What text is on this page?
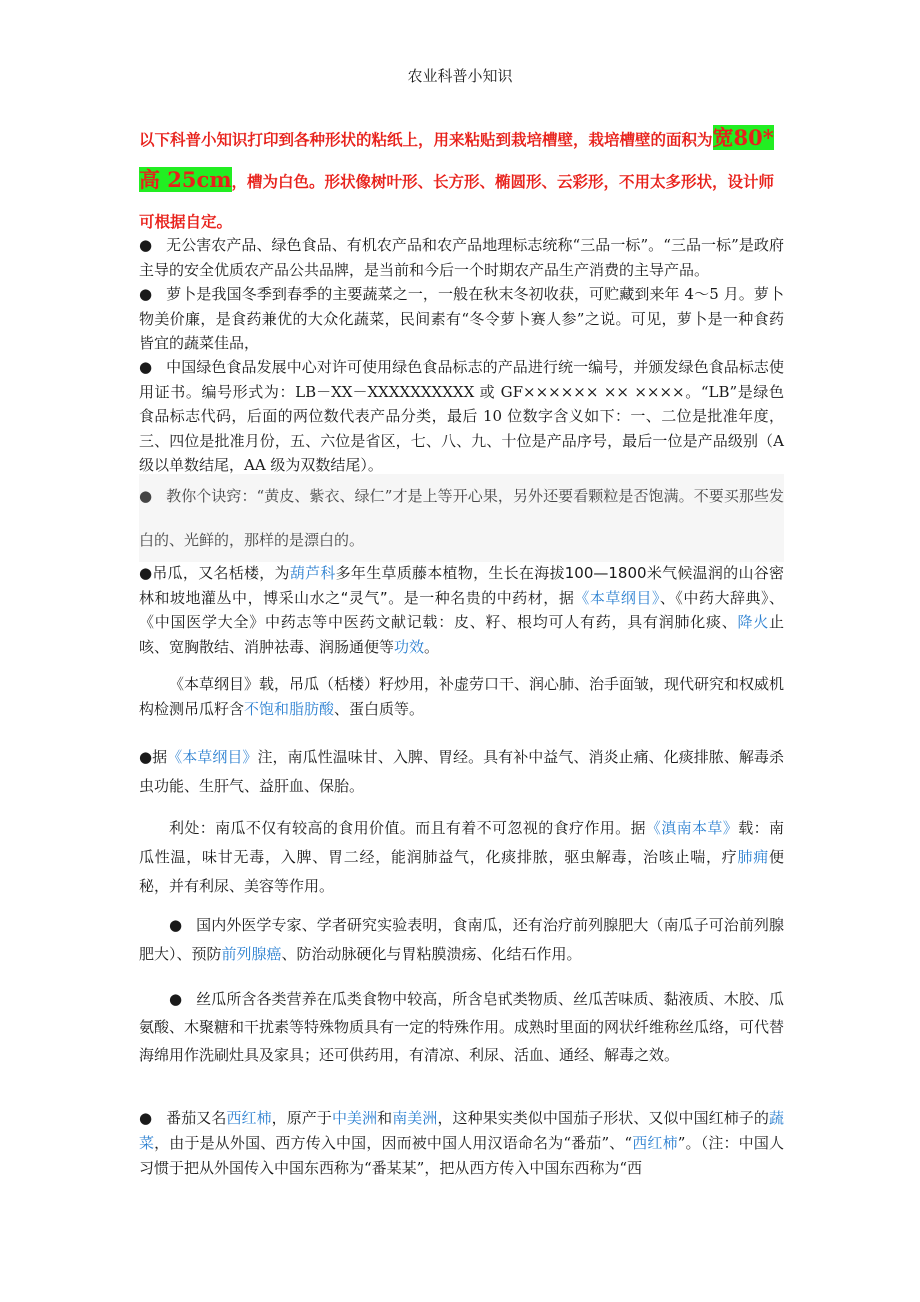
农业科普小知识
以下科普小知识打印到各种形状的粘纸上，用来粘贴到栽培槽壁，栽培槽壁的面积为宽80*高 25cm，槽为白色。形状像树叶形、长方形、椭圆形、云彩形，不用太多形状，设计师可根据自定。
● 无公害农产品、绿色食品、有机农产品和农产品地理标志统称“三品一标”。“三品一标”是政府主导的安全优质农产品公共品牌，是当前和今后一个时期农产品生产消费的主导产品。
● 萝卜是我国冬季到春季的主要蔬菜之一，一般在秋末冬初收获，可贮藏到来年 4～5 月。萝卜物美价廉，是食药兼优的大众化蔬菜，民间素有“冬令萝卜赛人参”之说。可见，萝卜是一种食药皆宜的蔬菜佳品，
● 中国绿色食品发展中心对许可使用绿色食品标志的产品进行统一编号，并颁发绿色食品标志使用证书。编号形式为：LB－XX－XXXXXXXXXX 或 GF×××××× ×× ××××。“LB”是绿色食品标志代码，后面的两位数代表产品分类，最后 10 位数字含义如下：一、二位是批准年度，三、四位是批准月份，五、六位是省区，七、八、九、十位是产品序号，最后一位是产品级别（A 级以单数结尾，AA 级为双数结尾）。
● 教你个诀窍：“黄皮、紫衣、绿仁”才是上等开心果，另外还要看颗粒是否饱满。不要买那些发白的、光鲜的，那样的是漂白的。
●吊瓜，又名栝楼，为葫芦科多年生草质藤本植物，生长在海拔100—1800米气候温润的山谷密林和坡地灌丛中，博采山水之“灵气”。是一种名贵的中药材，据《本草纲目》、《中药大辞典》、《中国医学大全》中药志等中医药文献记载：皮、籽、根均可人有药，具有润肺化痰、降火止咳、宽胸散结、消肿祛毒、润肠通便等功效。
《本草纲目》载，吊瓜（栝楼）籽炒用，补虚劳口干、润心肺、治手面皱，现代研究和权威机构检测吊瓜籽含不饱和脂肪酸、蛋白质等。
●据《本草纲目》注，南瓜性温味甘、入脾、胃经。具有补中益气、消炎止痛、化痰排脓、解毒杀虫功能、生肝气、益肝血、保胎。
利处：南瓜不仅有较高的食用价值。而且有着不可忽视的食疗作用。据《滇南本草》载：南瓜性温，味甘无毒，入脾、胃二经，能润肺益气，化痰排脓，驱虫解毒，治咳止喘，疗肺痈便秘，并有利尿、美容等作用。
● 国内外医学专家、学者研究实验表明，食南瓜，还有治疗前列腺肥大（南瓜子可治前列腺肥大）、预防前列腺癌、防治动脉硬化与胃粘膜溃疡、化结石作用。
● 丝瓜所含各类营养在瓜类食物中较高，所含皂甙类物质、丝瓜苦味质、黏液质、木胶、瓜氨酸、木聚糖和干扰素等特殊物质具有一定的特殊作用。成熟时里面的网状纤维称丝瓜络，可代替海绵用作洗刷灶具及家具；还可供药用，有清凉、利尿、活血、通经、解毒之效。
● 番茄又名西红柿，原产于中美洲和南美洲，这种果实类似中国茄子形状、又似中国红柿子的蔬菜，由于是从外国、西方传入中国，因而被中国人用汉语命名为“番茄”、“西红柿”。（注：中国人习惯于把从外国传入中国东西称为“番某某”，把从西方传入中国东西称为“西
